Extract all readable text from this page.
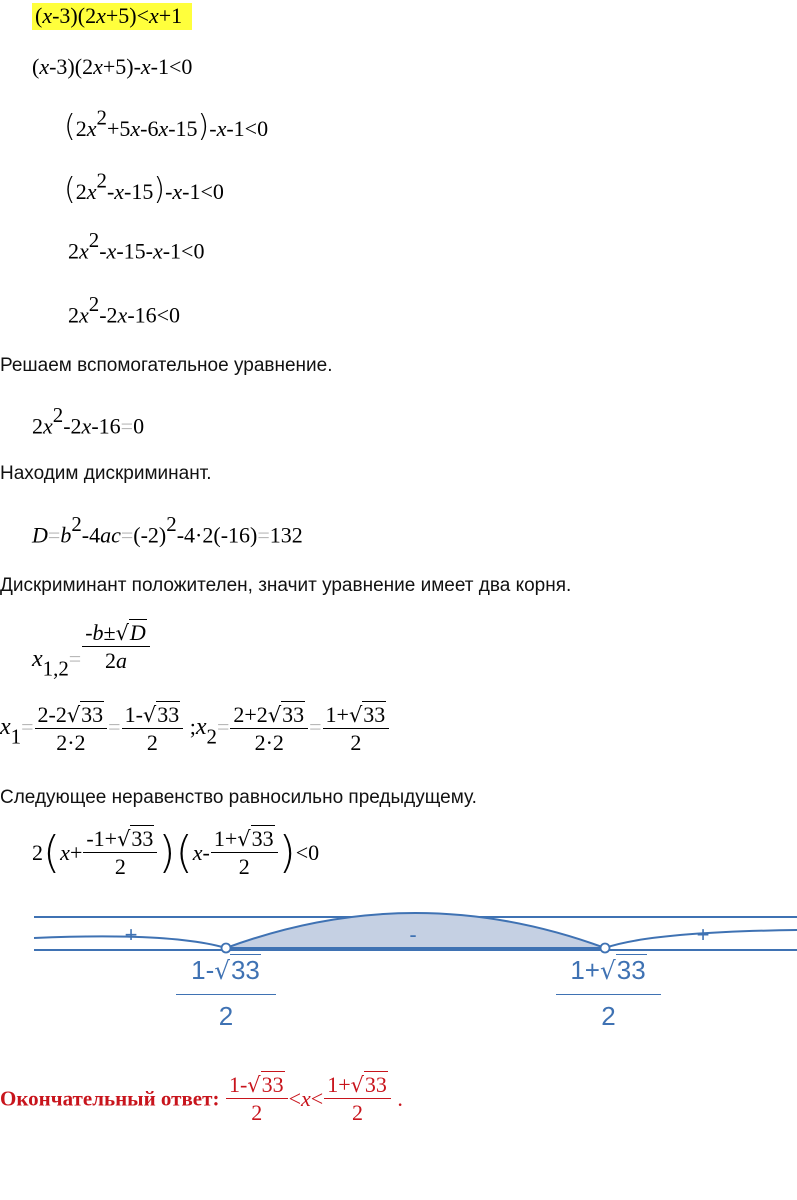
(x-3)(2x+5)<x+1
(x-3)(2x+5)-x-1<0
$(2x^2+5x-6x-15)-x-1<0$
$(2x^2-x-15)-x-1<0$
$2x^2-x-15-x-1<0$
$2x^2-2x-16<0$
Решаем вспомогательное уравнение.
$2x^2-2x-16=0$
Находим дискриминант.
$D=b^2-4ac=(-2)^2-4\cdot 2(-16)=132$
Дискриминант положителен, значит уравнение имеет два корня.
$x_{1,2}= \frac{-b\pm√D}{2a}$
$x_1= \frac{2-2√33}{2\cdot 2} = \frac{1-√33}{2}$ $;x_2= \frac{2+2√33}{2\cdot 2} = \frac{1+√33}{2}$
Следующее неравенство равносильно предыдущему.
$2(x+ \frac{-1+√33}{2} )(x- \frac{1+√33}{2} )<0$
+	-	+
1-√33
2
1+√33
2
Окончательный ответ: $\frac{1-√33}{2} <x< \frac{1+√33}{2}$ .
